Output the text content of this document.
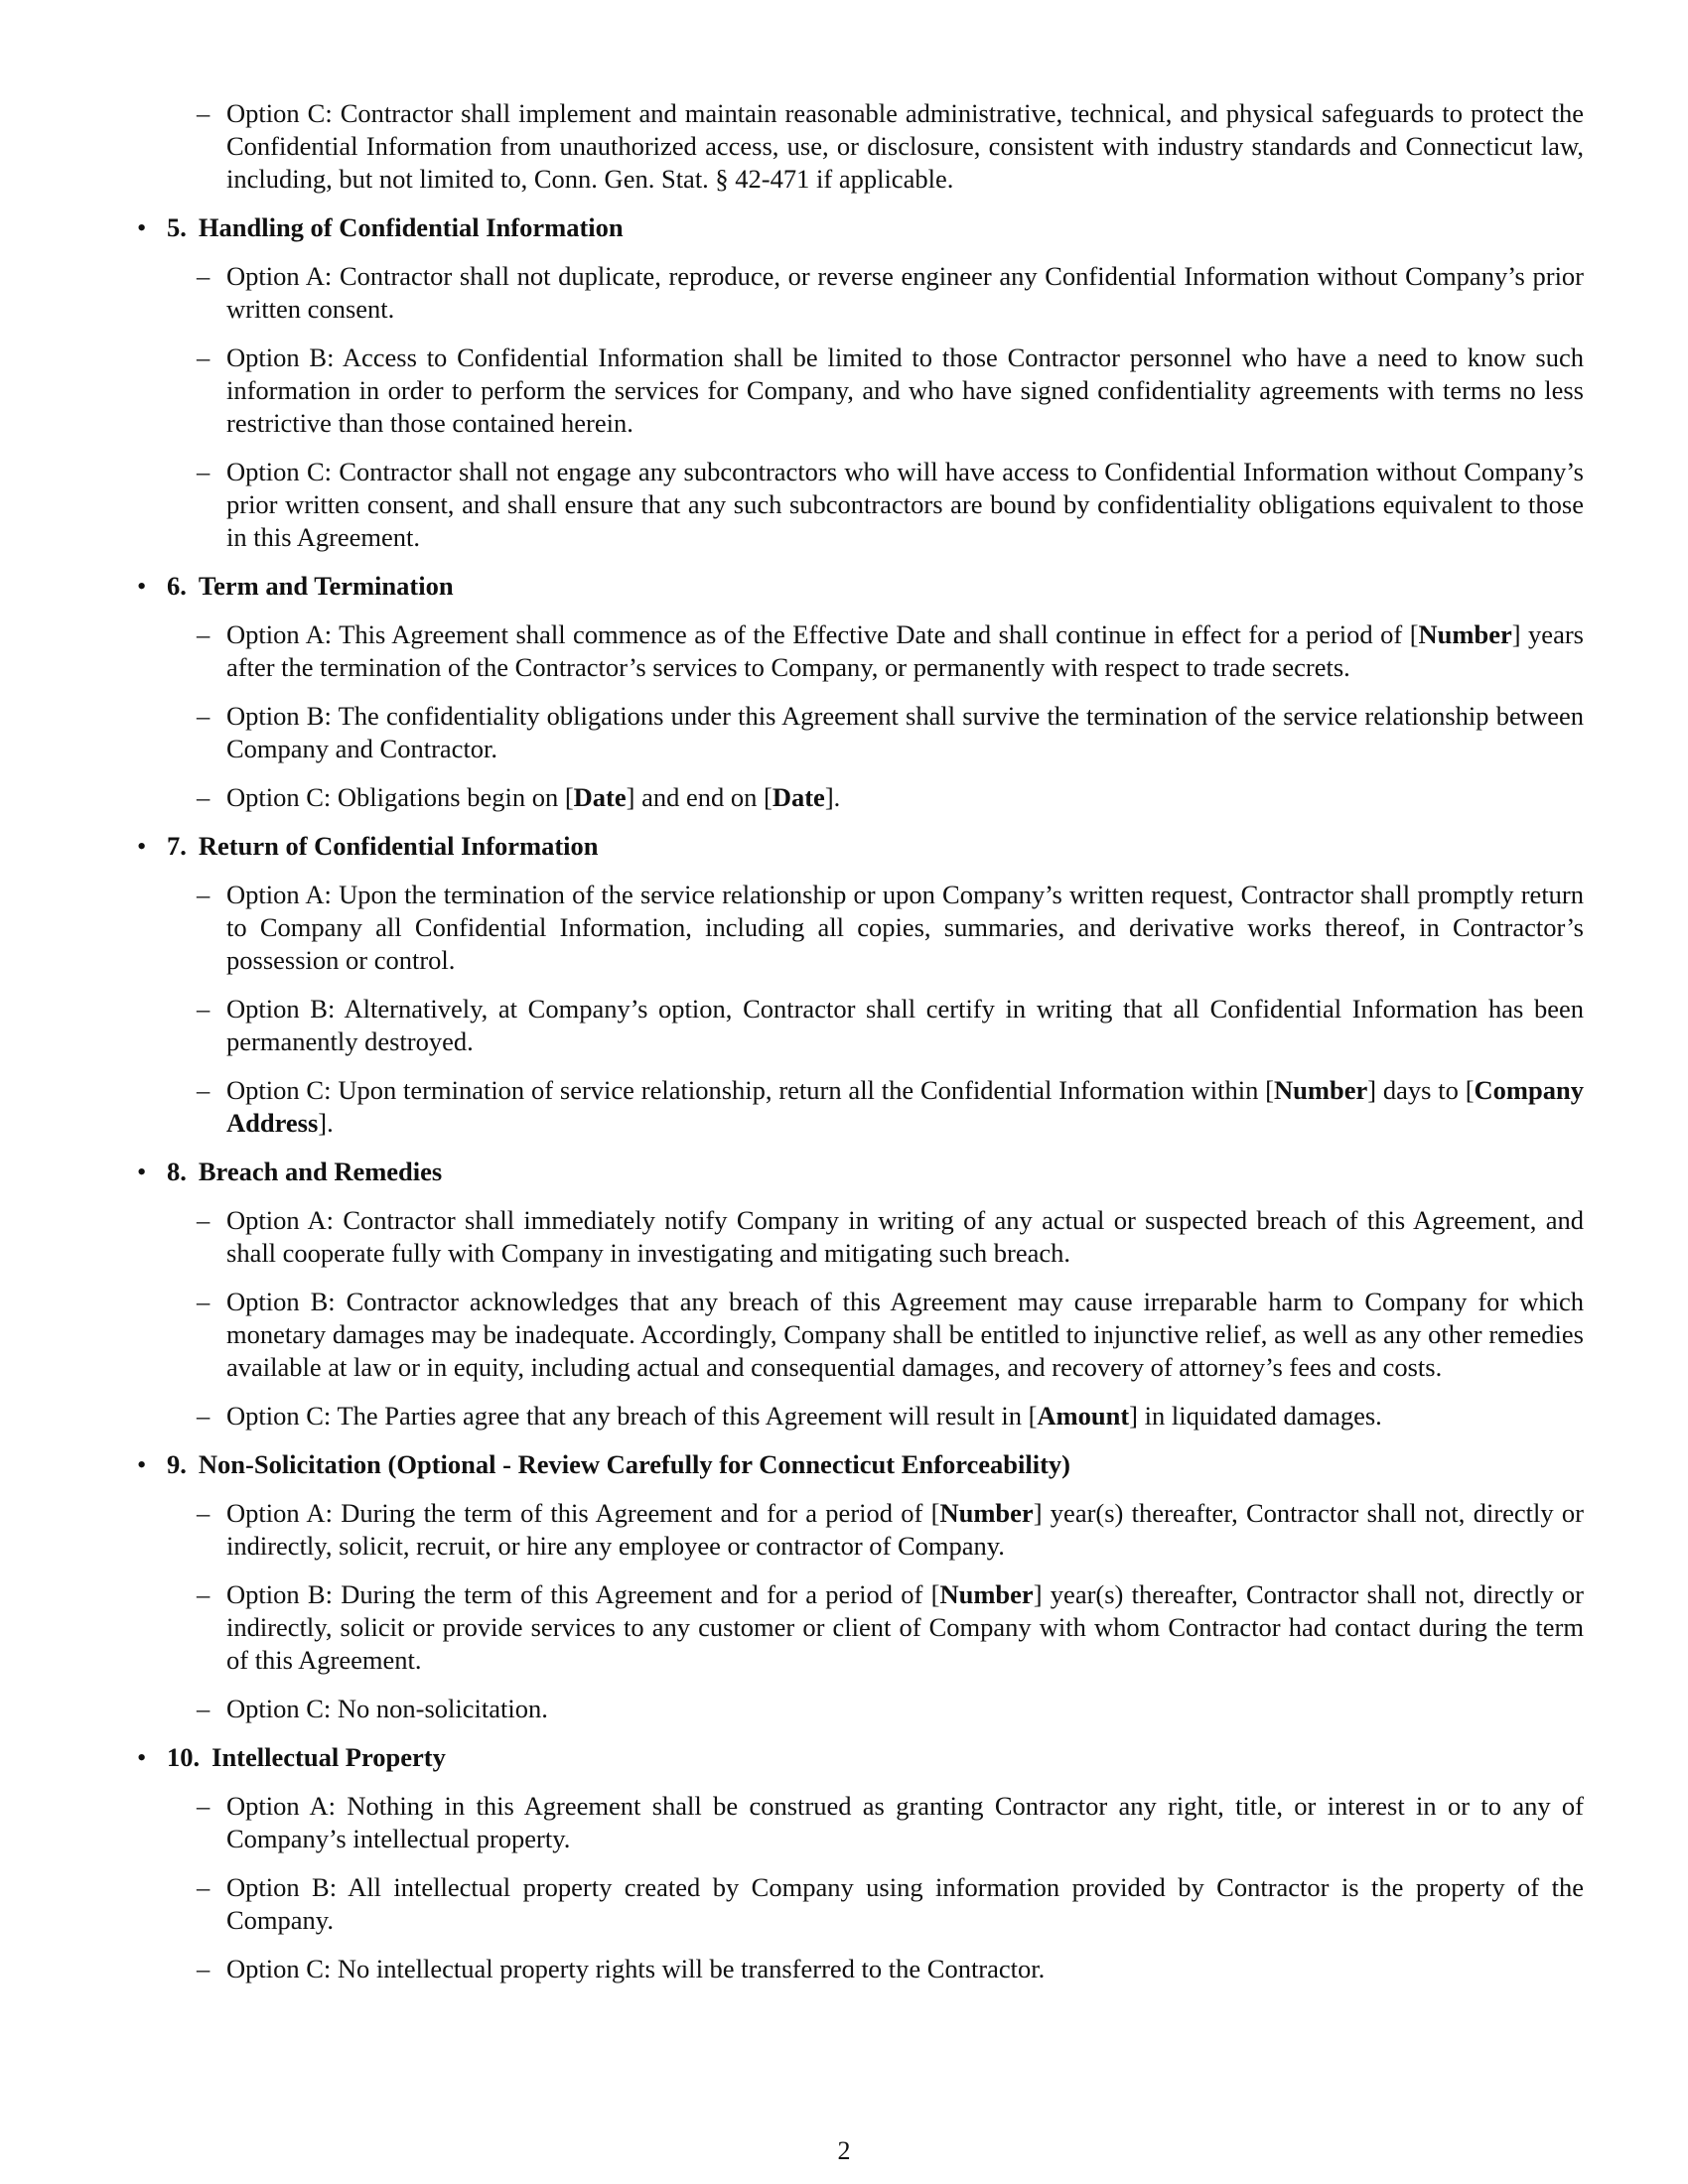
– Option C: Contractor shall implement and maintain reasonable administrative, technical, and physical safeguards to protect the Confidential Information from unauthorized access, use, or disclosure, consistent with industry standards and Connecticut law, including, but not limited to, Conn. Gen. Stat. § 42-471 if applicable.
• 5. Handling of Confidential Information
– Option A: Contractor shall not duplicate, reproduce, or reverse engineer any Confidential Information without Company’s prior written consent.
– Option B: Access to Confidential Information shall be limited to those Contractor personnel who have a need to know such information in order to perform the services for Company, and who have signed confidentiality agreements with terms no less restrictive than those contained herein.
– Option C: Contractor shall not engage any subcontractors who will have access to Confidential Information without Company’s prior written consent, and shall ensure that any such subcontractors are bound by confidentiality obligations equivalent to those in this Agreement.
• 6. Term and Termination
– Option A: This Agreement shall commence as of the Effective Date and shall continue in effect for a period of [Number] years after the termination of the Contractor’s services to Company, or permanently with respect to trade secrets.
– Option B: The confidentiality obligations under this Agreement shall survive the termination of the service relationship between Company and Contractor.
– Option C: Obligations begin on [Date] and end on [Date].
• 7. Return of Confidential Information
– Option A: Upon the termination of the service relationship or upon Company’s written request, Contractor shall promptly return to Company all Confidential Information, including all copies, summaries, and derivative works thereof, in Contractor’s possession or control.
– Option B: Alternatively, at Company’s option, Contractor shall certify in writing that all Confidential Information has been permanently destroyed.
– Option C: Upon termination of service relationship, return all the Confidential Information within [Number] days to [Company Address].
• 8. Breach and Remedies
– Option A: Contractor shall immediately notify Company in writing of any actual or suspected breach of this Agreement, and shall cooperate fully with Company in investigating and mitigating such breach.
– Option B: Contractor acknowledges that any breach of this Agreement may cause irreparable harm to Company for which monetary damages may be inadequate. Accordingly, Company shall be entitled to injunctive relief, as well as any other remedies available at law or in equity, including actual and consequential damages, and recovery of attorney’s fees and costs.
– Option C: The Parties agree that any breach of this Agreement will result in [Amount] in liquidated damages.
• 9. Non-Solicitation (Optional - Review Carefully for Connecticut Enforceability)
– Option A: During the term of this Agreement and for a period of [Number] year(s) thereafter, Contractor shall not, directly or indirectly, solicit, recruit, or hire any employee or contractor of Company.
– Option B: During the term of this Agreement and for a period of [Number] year(s) thereafter, Contractor shall not, directly or indirectly, solicit or provide services to any customer or client of Company with whom Contractor had contact during the term of this Agreement.
– Option C: No non-solicitation.
• 10. Intellectual Property
– Option A: Nothing in this Agreement shall be construed as granting Contractor any right, title, or interest in or to any of Company’s intellectual property.
– Option B: All intellectual property created by Company using information provided by Contractor is the property of the Company.
– Option C: No intellectual property rights will be transferred to the Contractor.
2
